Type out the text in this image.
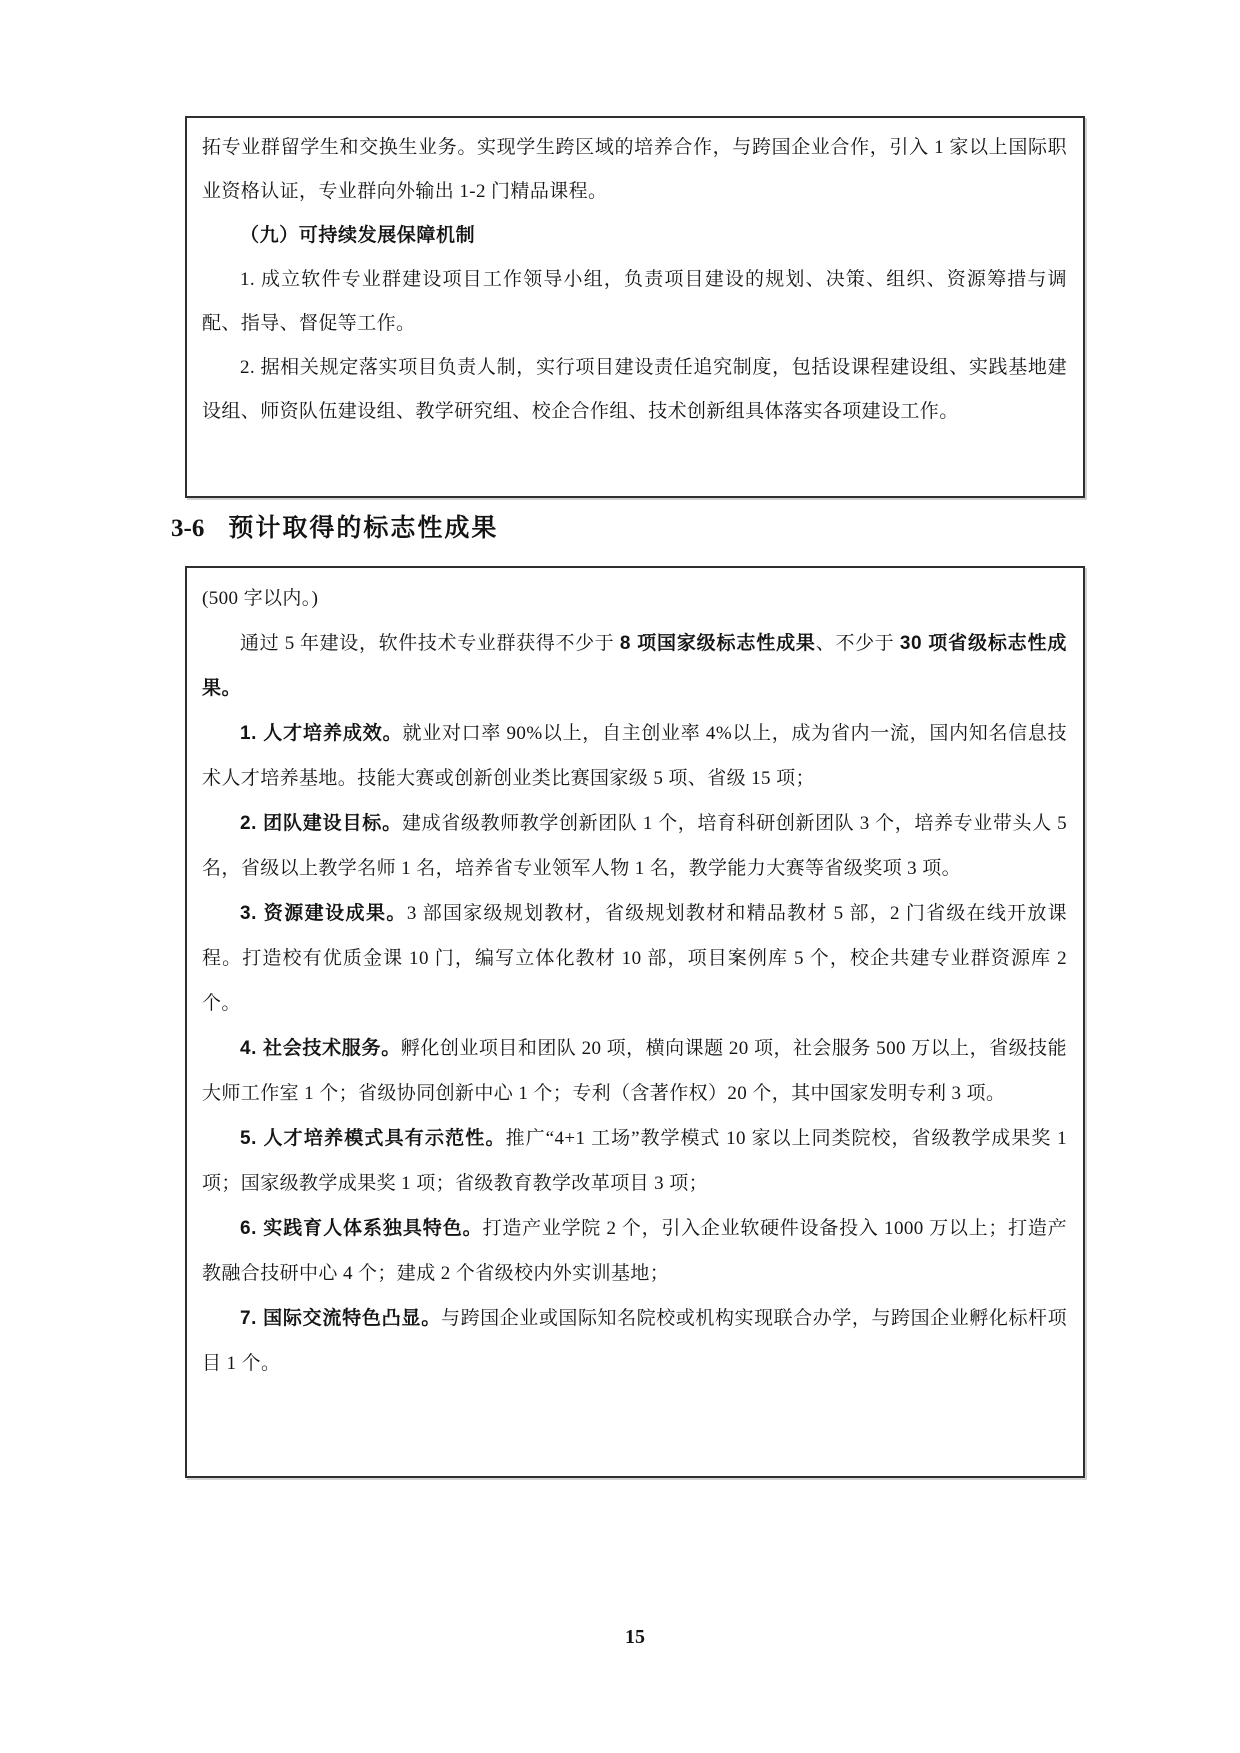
拓专业群留学生和交换生业务。实现学生跨区域的培养合作，与跨国企业合作，引入 1 家以上国际职业资格认证，专业群向外输出 1-2 门精品课程。

（九）可持续发展保障机制

1. 成立软件专业群建设项目工作领导小组，负责项目建设的规划、决策、组织、资源筹措与调配、指导、督促等工作。

2. 据相关规定落实项目负责人制，实行项目建设责任追究制度，包括设课程建设组、实践基地建设组、师资队伍建设组、教学研究组、校企合作组、技术创新组具体落实各项建设工作。

3-6 预计取得的标志性成果

(500 字以内。)

通过 5 年建设，软件技术专业群获得不少于 8 项国家级标志性成果、不少于 30 项省级标志性成果。

1. 人才培养成效。就业对口率 90%以上，自主创业率 4%以上，成为省内一流，国内知名信息技术人才培养基地。技能大赛或创新创业类比赛国家级 5 项、省级 15 项；

2. 团队建设目标。建成省级教师教学创新团队 1 个，培育科研创新团队 3 个，培养专业带头人 5 名，省级以上教学名师 1 名，培养省专业领军人物 1 名，教学能力大赛等省级奖项 3 项。

3. 资源建设成果。3 部国家级规划教材，省级规划教材和精品教材 5 部，2 门省级在线开放课程。打造校有优质金课 10 门，编写立体化教材 10 部，项目案例库 5 个，校企共建专业群资源库 2 个。

4. 社会技术服务。孵化创业项目和团队 20 项，横向课题 20 项，社会服务 500 万以上，省级技能大师工作室 1 个；省级协同创新中心 1 个；专利（含著作权）20 个，其中国家发明专利 3 项。

5. 人才培养模式具有示范性。推广“4+1 工场”教学模式 10 家以上同类院校，省级教学成果奖 1 项；国家级教学成果奖 1 项；省级教育教学改革项目 3 项；

6. 实践育人体系独具特色。打造产业学院 2 个，引入企业软硬件设备投入 1000 万以上；打造产教融合技研中心 4 个；建成 2 个省级校内外实训基地；

7. 国际交流特色凸显。与跨国企业或国际知名院校或机构实现联合办学，与跨国企业孵化标杆项目 1 个。

15
